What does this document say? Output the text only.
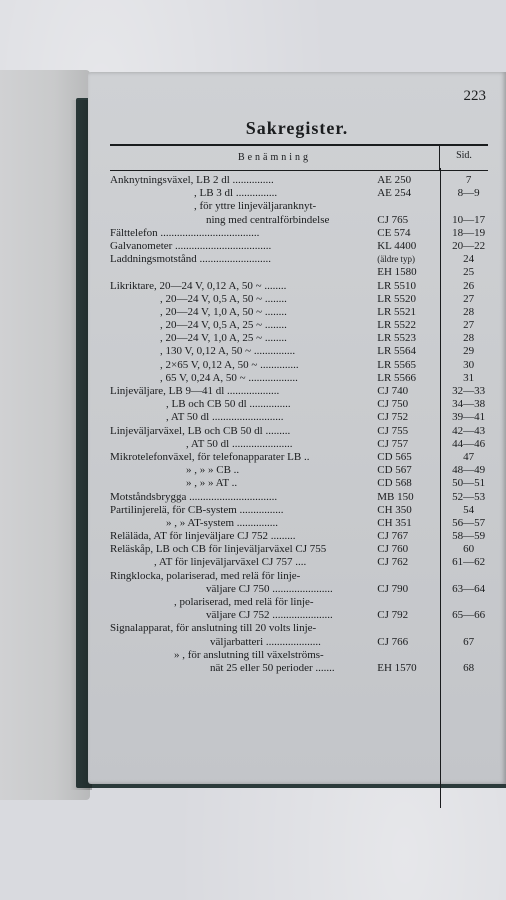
223
Sakregister.
Benämning	Sid.
Anknytningsväxel, LB 2 dl ...............	AE 250	7
, LB 3 dl ...............	AE 254	8—9
, för yttre linjeväljaranknyt-
ning med centralförbindelse	CJ 765	10—17
Fälttelefon ....................................	CE 574	18—19
Galvanometer ...................................	KL 4400	20—22
Laddningsmotstånd ..........................	(äldre typ)	24
EH 1580	25
Likriktare, 20—24 V, 0,12 A, 50 ~ ........	LR 5510	26
, 20—24 V, 0,5 A, 50 ~ ........	LR 5520	27
, 20—24 V, 1,0 A, 50 ~ ........	LR 5521	28
, 20—24 V, 0,5 A, 25 ~ ........	LR 5522	27
, 20—24 V, 1,0 A, 25 ~ ........	LR 5523	28
, 130 V, 0,12 A, 50 ~ ...............	LR 5564	29
, 2×65 V, 0,12 A, 50 ~ ..............	LR 5565	30
, 65 V, 0,24 A, 50 ~ ..................	LR 5566	31
Linjeväljare, LB 9—41 dl ...................	CJ 740	32—33
, LB och CB 50 dl ...............	CJ 750	34—38
, AT 50 dl ..........................	CJ 752	39—41
Linjeväljarväxel, LB och CB 50 dl .........	CJ 755	42—43
, AT 50 dl ......................	CJ 757	44—46
Mikrotelefonväxel, för telefonapparater LB ..	CD 565	47
» , » » CB ..	CD 567	48—49
» , » » AT ..	CD 568	50—51
Motståndsbrygga ................................	MB 150	52—53
Partilinjerelä, för CB-system ................	CH 350	54
» , » AT-system ...............	CH 351	56—57
Reläläda, AT för linjeväljare CJ 752 .........	CJ 767	58—59
Reläskåp, LB och CB för linjeväljarväxel CJ 755	CJ 760	60
, AT för linjeväljarväxel CJ 757 ....	CJ 762	61—62
Ringklocka, polariserad, med relä för linje-
väljare CJ 750 ......................	CJ 790	63—64
, polariserad, med relä för linje-
väljare CJ 752 ......................	CJ 792	65—66
Signalapparat, för anslutning till 20 volts linje-
väljarbatteri ....................	CJ 766	67
» , för anslutning till växelströms-
nät 25 eller 50 perioder .......	EH 1570	68
